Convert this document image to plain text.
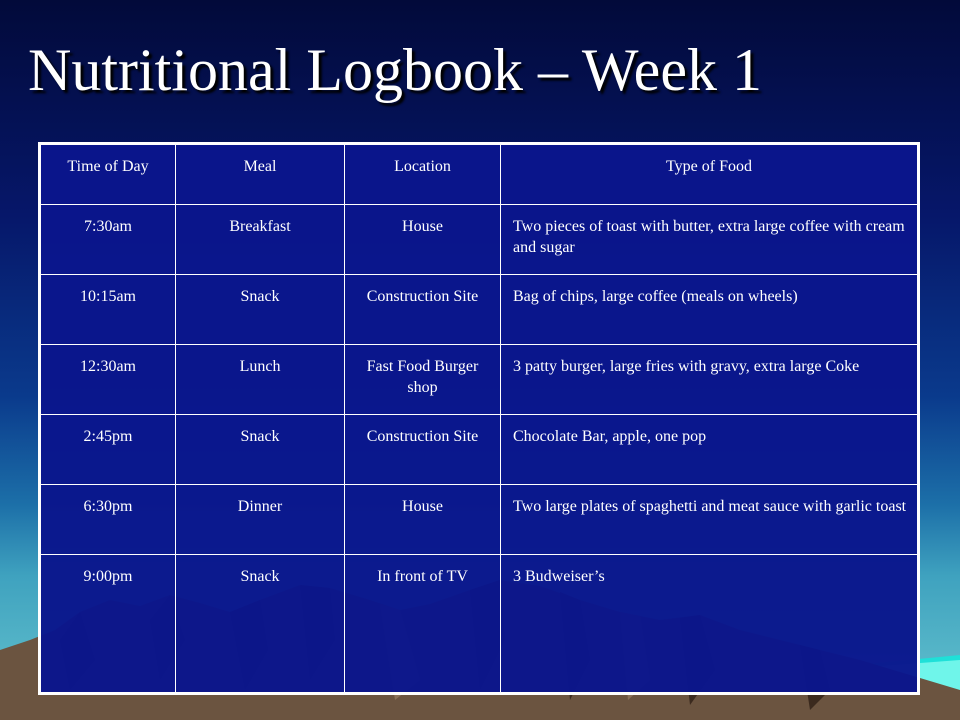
Nutritional Logbook – Week 1
Time of Day	Meal	Location	Type of Food
7:30am	Breakfast	House	Two pieces of toast with butter, extra large coffee with cream and sugar
10:15am	Snack	Construction Site	Bag of chips, large coffee (meals on wheels)
12:30am	Lunch	Fast Food Burger shop	3 patty burger, large fries with gravy, extra large Coke
2:45pm	Snack	Construction Site	Chocolate Bar, apple, one pop
6:30pm	Dinner	House	Two large plates of spaghetti and meat sauce with garlic toast
9:00pm	Snack	In front of TV	3 Budweiser’s
